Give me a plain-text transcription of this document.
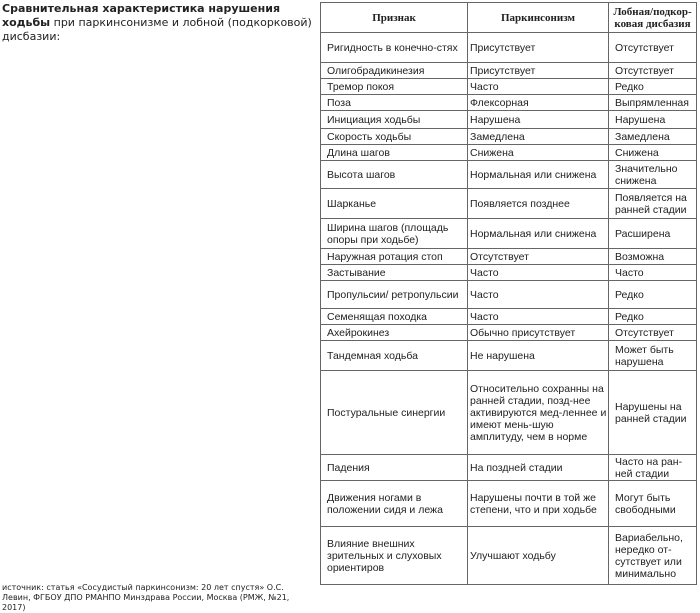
Сравнительная характеристика нарушения ходьбы при паркинсонизме и лобной (подкорковой) дисбазии:
Признак	Паркинсонизм	Лобная/подкор-ковая дисбазия
Ригидность в конечно-стях	Присутствует	Отсутствует
Олигобрадикинезия	Присутствует	Отсутствует
Тремор покоя	Часто	Редко
Поза	Флексорная	Выпрямленная
Инициация ходьбы	Нарушена	Нарушена
Скорость ходьбы	Замедлена	Замедлена
Длина шагов	Снижена	Снижена
Высота шагов	Нормальная или снижена	Значительно снижена
Шарканье	Появляется позднее	Появляется на ранней стадии
Ширина шагов (площадь опоры при ходьбе)	Нормальная или снижена	Расширена
Наружная ротация стоп	Отсутствует	Возможна
Застывание	Часто	Часто
Пропульсии/ ретропульсии	Часто	Редко
Семенящая походка	Часто	Редко
Ахейрокинез	Обычно присутствует	Отсутствует
Тандемная ходьба	Не нарушена	Может быть нарушена
Постуральные синергии	Относительно сохранны на ранней стадии, позд-нее активируются мед-леннее и имеют мень-шую амплитуду, чем в норме	Нарушены на ранней стадии
Падения	На поздней стадии	Часто на ран-ней стадии
Движения ногами в положении сидя и лежа	Нарушены почти в той же степени, что и при ходьбе	Могут быть свободными
Влияние внешних зрительных и слуховых ориентиров	Улучшают ходьбу	Вариабельно, нередко от-сутствует или минимально
источник: статья «Сосудистый паркинсонизм: 20 лет спустя» О.С. Левин, ФГБОУ ДПО РМАНПО Минздрава России, Москва (РМЖ, №21, 2017)
